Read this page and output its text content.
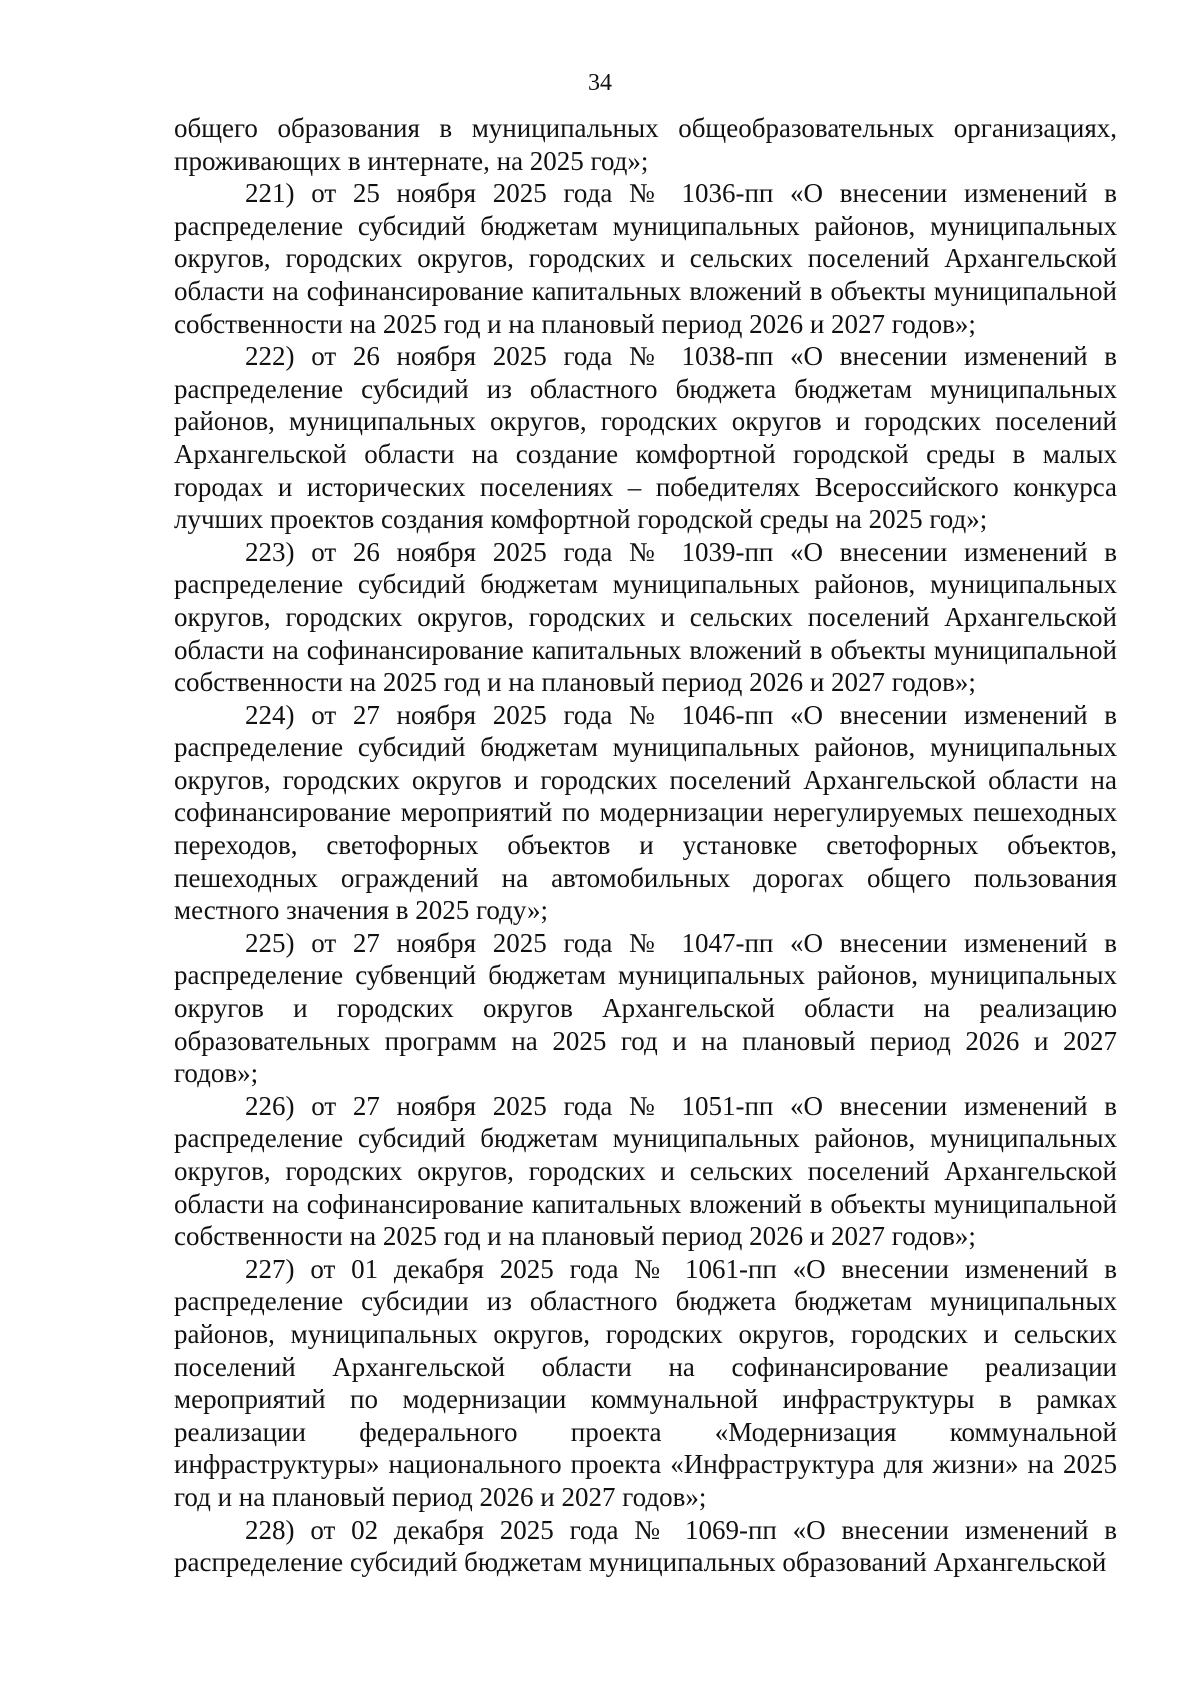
34

общего образования в муниципальных общеобразовательных организациях, проживающих в интернате, на 2025 год»;

221) от 25 ноября 2025 года № 1036-пп «О внесении изменений в распределение субсидий бюджетам муниципальных районов, муниципальных округов, городских округов, городских и сельских поселений Архангельской области на софинансирование капитальных вложений в объекты муниципальной собственности на 2025 год и на плановый период 2026 и 2027 годов»;

222) от 26 ноября 2025 года № 1038-пп «О внесении изменений в распределение субсидий из областного бюджета бюджетам муниципальных районов, муниципальных округов, городских округов и городских поселений Архангельской области на создание комфортной городской среды в малых городах и исторических поселениях – победителях Всероссийского конкурса лучших проектов создания комфортной городской среды на 2025 год»;

223) от 26 ноября 2025 года № 1039-пп «О внесении изменений в распределение субсидий бюджетам муниципальных районов, муниципальных округов, городских округов, городских и сельских поселений Архангельской области на софинансирование капитальных вложений в объекты муниципальной собственности на 2025 год и на плановый период 2026 и 2027 годов»;

224) от 27 ноября 2025 года № 1046-пп «О внесении изменений в распределение субсидий бюджетам муниципальных районов, муниципальных округов, городских округов и городских поселений Архангельской области на софинансирование мероприятий по модернизации нерегулируемых пешеходных переходов, светофорных объектов и установке светофорных объектов, пешеходных ограждений на автомобильных дорогах общего пользования местного значения в 2025 году»;

225) от 27 ноября 2025 года № 1047-пп «О внесении изменений в распределение субвенций бюджетам муниципальных районов, муниципальных округов и городских округов Архангельской области на реализацию образовательных программ на 2025 год и на плановый период 2026 и 2027 годов»;

226) от 27 ноября 2025 года № 1051-пп «О внесении изменений в распределение субсидий бюджетам муниципальных районов, муниципальных округов, городских округов, городских и сельских поселений Архангельской области на софинансирование капитальных вложений в объекты муниципальной собственности на 2025 год и на плановый период 2026 и 2027 годов»;

227) от 01 декабря 2025 года № 1061-пп «О внесении изменений в распределение субсидии из областного бюджета бюджетам муниципальных районов, муниципальных округов, городских округов, городских и сельских поселений Архангельской области на софинансирование реализации мероприятий по модернизации коммунальной инфраструктуры в рамках реализации федерального проекта «Модернизация коммунальной инфраструктуры» национального проекта «Инфраструктура для жизни» на 2025 год и на плановый период 2026 и 2027 годов»;

228) от 02 декабря 2025 года № 1069-пп «О внесении изменений в распределение субсидий бюджетам муниципальных образований Архангельской
